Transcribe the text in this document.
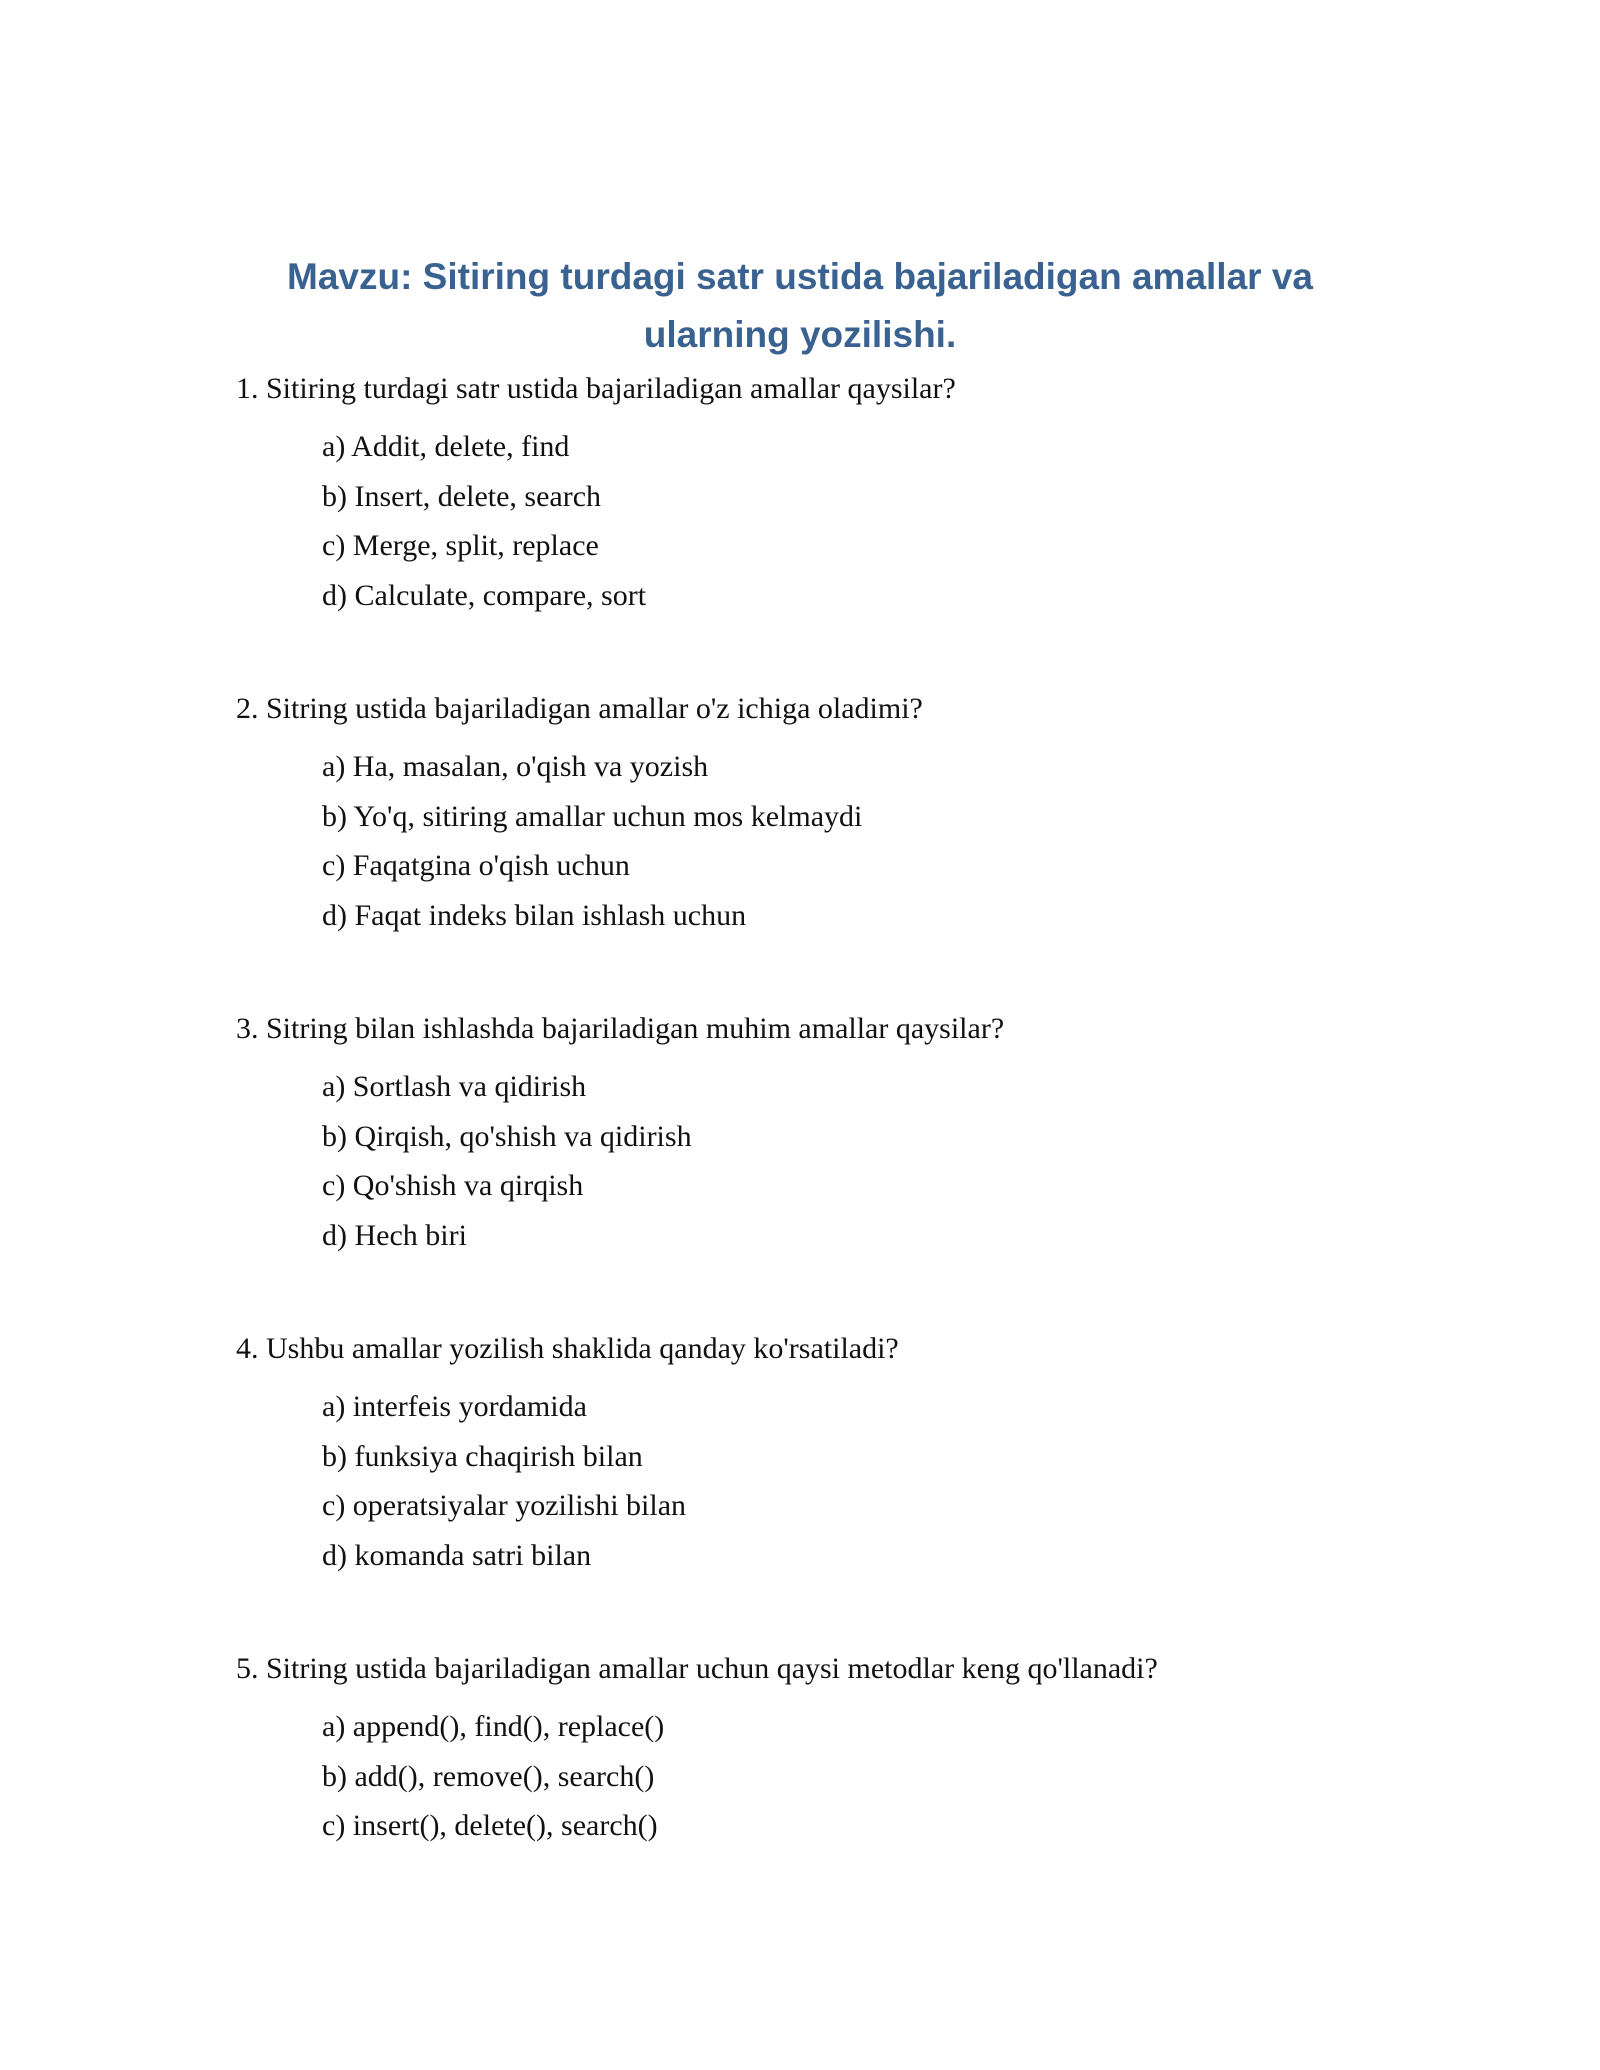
Mavzu: Sitiring turdagi satr ustida bajariladigan amallar va
ularning yozilishi.
1. Sitiring turdagi satr ustida bajariladigan amallar qaysilar?
a) Addit, delete, find
b) Insert, delete, search
c) Merge, split, replace
d) Calculate, compare, sort
2. Sitring ustida bajariladigan amallar o'z ichiga oladimi?
a) Ha, masalan, o'qish va yozish
b) Yo'q, sitiring amallar uchun mos kelmaydi
c) Faqatgina o'qish uchun
d) Faqat indeks bilan ishlash uchun
3. Sitring bilan ishlashda bajariladigan muhim amallar qaysilar?
a) Sortlash va qidirish
b) Qirqish, qo'shish va qidirish
c) Qo'shish va qirqish
d) Hech biri
4. Ushbu amallar yozilish shaklida qanday ko'rsatiladi?
a) interfeis yordamida
b) funksiya chaqirish bilan
c) operatsiyalar yozilishi bilan
d) komanda satri bilan
5. Sitring ustida bajariladigan amallar uchun qaysi metodlar keng qo'llanadi?
a) append(), find(), replace()
b) add(), remove(), search()
c) insert(), delete(), search()
